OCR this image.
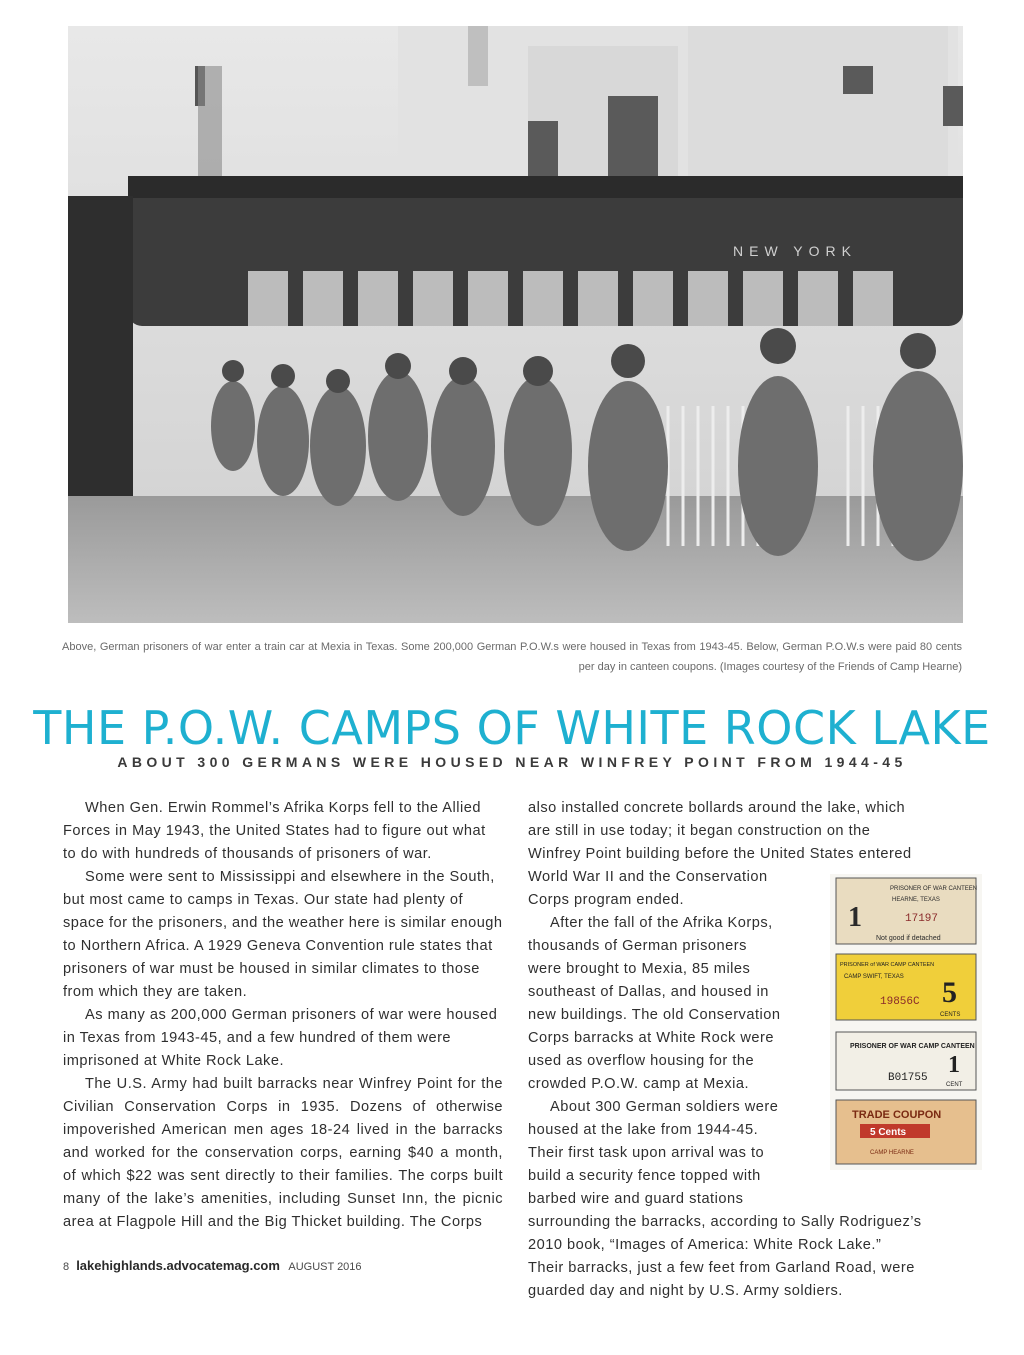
NEW YORK
Above, German prisoners of war enter a train car at Mexia in Texas. Some 200,000 German P.O.W.s were housed in Texas from 1943-45. Below, German P.O.W.s were paid 80 cents per day in canteen coupons. (Images courtesy of the Friends of Camp Hearne)
THE P.O.W. CAMPS OF WHITE ROCK LAKE
ABOUT 300 GERMANS WERE HOUSED NEAR WINFREY POINT FROM 1944-45

When Gen. Erwin Rommel’s Afrika Korps fell to the Allied Forces in May 1943, the United States had to figure out what to do with hundreds of thousands of prisoners of war.

Some were sent to Mississippi and elsewhere in the South, but most came to camps in Texas. Our state had plenty of space for the prisoners, and the weather here is similar enough to Northern Africa. A 1929 Geneva Convention rule states that prisoners of war must be housed in similar climates to those from which they are taken.

As many as 200,000 German prisoners of war were housed in Texas from 1943-45, and a few hundred of them were imprisoned at White Rock Lake.

The U.S. Army had built barracks near Winfrey Point for the Civilian Conservation Corps in 1935. Dozens of otherwise impoverished American men ages 18-24 lived in the barracks and worked for the conservation corps, earning $40 a month, of which $22 was sent directly to their families. The corps built many of the lake’s amenities, including Sunset Inn, the picnic area at Flagpole Hill and the Big Thicket building. The Corps

also installed concrete bollards around the lake, which
are still in use today; it began construction on the
Winfrey Point building before the United States entered
World War II and the Conservation
Corps program ended.
After the fall of the Afrika Korps,
thousands of German prisoners
were brought to Mexia, 85 miles
southeast of Dallas, and housed in
new buildings. The old Conservation
Corps barracks at White Rock were
used as overflow housing for the
crowded P.O.W. camp at Mexia.
About 300 German soldiers were
housed at the lake from 1944-45.
Their first task upon arrival was to
build a security fence topped with
barbed wire and guard stations
surrounding the barracks, according to Sally Rodriguez’s
2010 book, “Images of America: White Rock Lake.”
Their barracks, just a few feet from Garland Road, were
guarded day and night by U.S. Army soldiers.
PRISONER OF WAR CANTEEN
HEARNE, TEXAS
1	17197
Not good if detached
PRISONER of WAR CAMP CANTEEN
CAMP SWIFT, TEXAS 5
19856C
CENTS
PRISONER OF WAR CAMP CANTEEN
1
B01755
CENT
TRADE COUPON
5 Cents
CAMP HEARNE
8 lakehighlands.advocatemag.com AUGUST 2016
